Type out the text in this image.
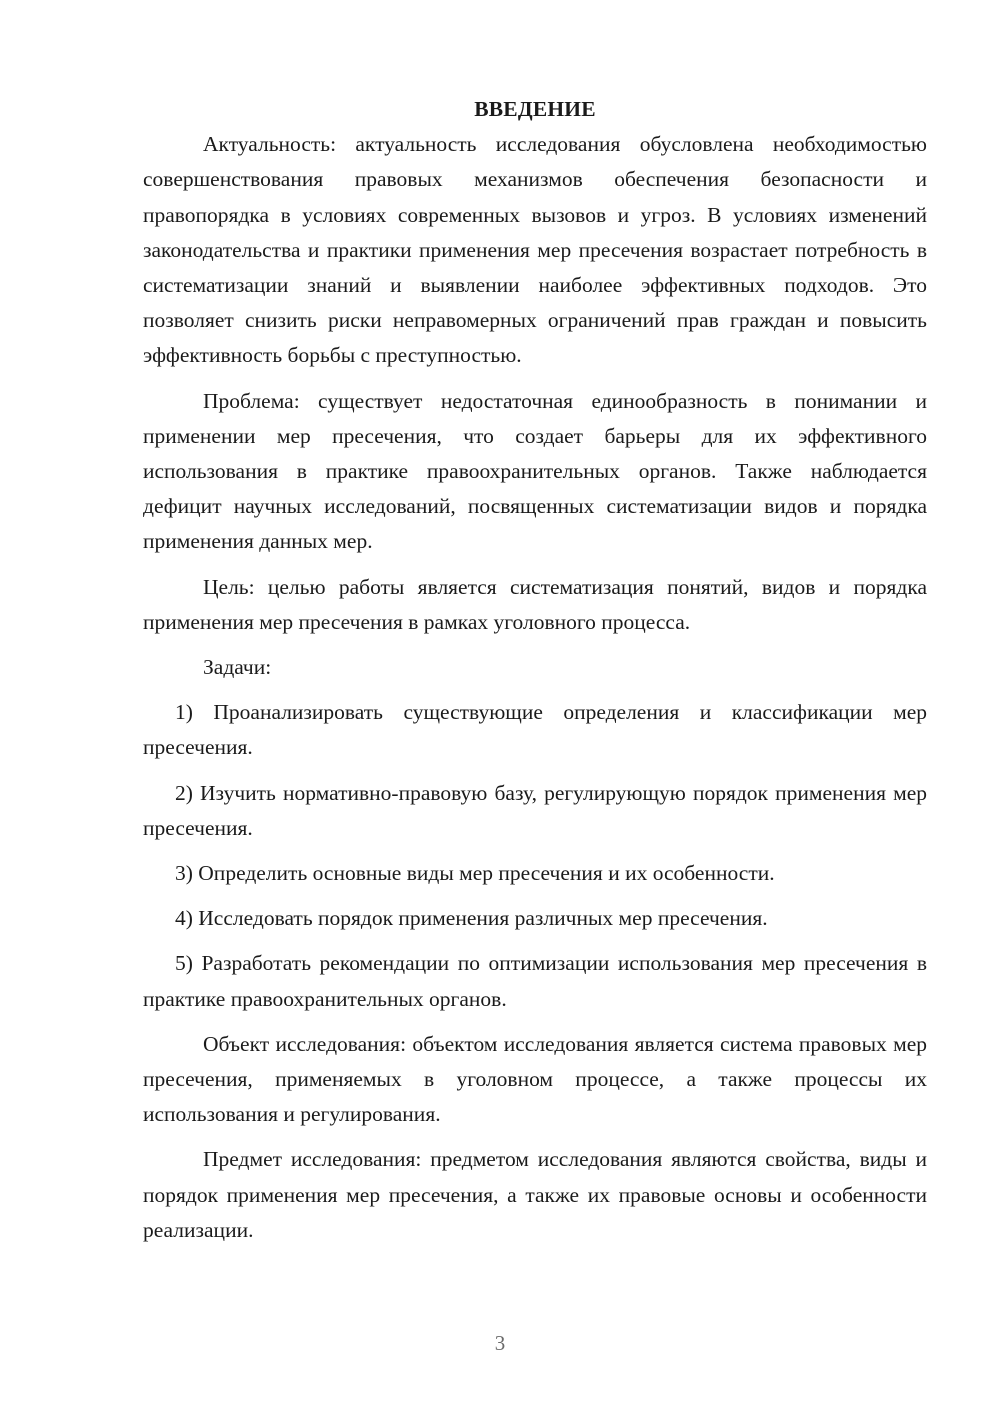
ВВЕДЕНИЕ

Актуальность: актуальность исследования обусловлена необходимостью совершенствования правовых механизмов обеспечения безопасности и правопорядка в условиях современных вызовов и угроз. В условиях изменений законодательства и практики применения мер пресечения возрастает потребность в систематизации знаний и выявлении наиболее эффективных подходов. Это позволяет снизить риски неправомерных ограничений прав граждан и повысить эффективность борьбы с преступностью.

Проблема: существует недостаточная единообразность в понимании и применении мер пресечения, что создает барьеры для их эффективного использования в практике правоохранительных органов. Также наблюдается дефицит научных исследований, посвященных систематизации видов и порядка применения данных мер.

Цель: целью работы является систематизация понятий, видов и порядка применения мер пресечения в рамках уголовного процесса.

Задачи:

1) Проанализировать существующие определения и классификации мер пресечения.

2) Изучить нормативно-правовую базу, регулирующую порядок применения мер пресечения.

3) Определить основные виды мер пресечения и их особенности.

4) Исследовать порядок применения различных мер пресечения.

5) Разработать рекомендации по оптимизации использования мер пресечения в практике правоохранительных органов.

Объект исследования: объектом исследования является система правовых мер пресечения, применяемых в уголовном процессе, а также процессы их использования и регулирования.

Предмет исследования: предметом исследования являются свойства, виды и порядок применения мер пресечения, а также их правовые основы и особенности реализации.

3
